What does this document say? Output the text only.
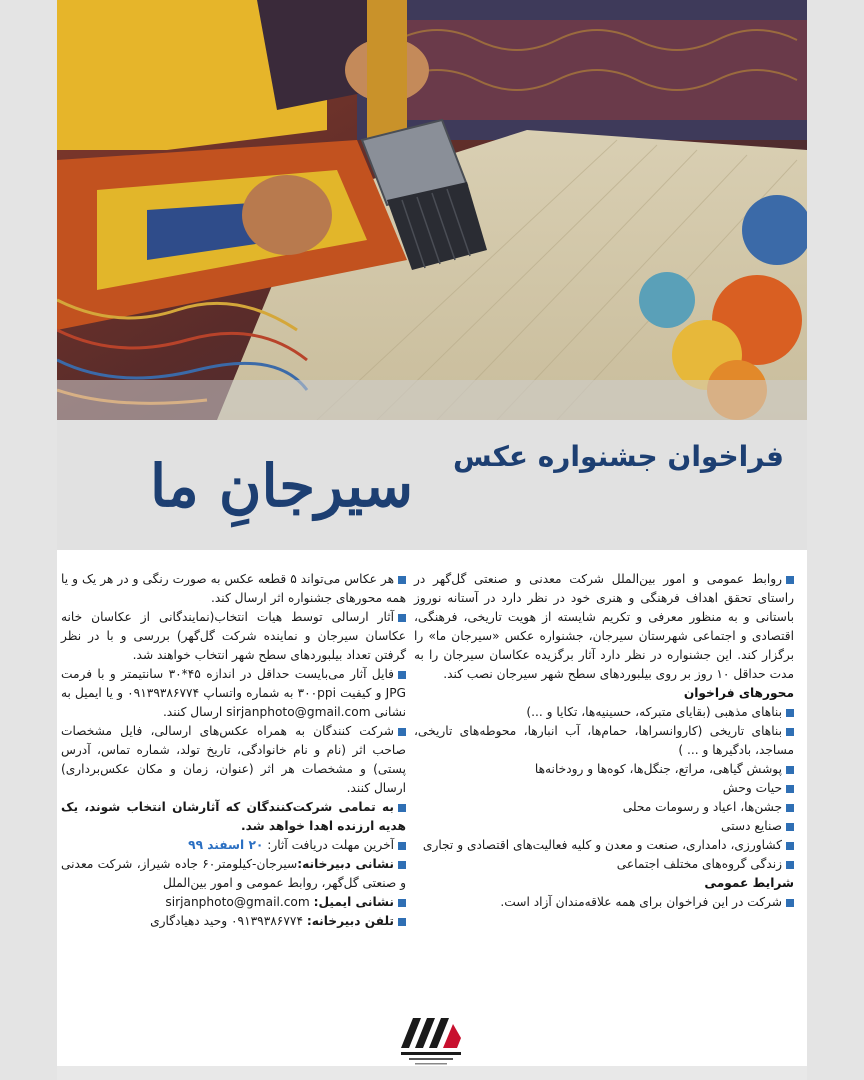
فراخوان جشنواره عکس
سیرجانِ ما
روابط عمومی و امور بین‌الملل شرکت معدنی و صنعتی گل‌گهر در راستای تحقق اهداف فرهنگی و هنری خود در نظر دارد در آستانه نوروز باستانی و به منظور معرفی و تکریم شایسته از هویت تاریخی، فرهنگی، اقتصادی و اجتماعی شهرستان سیرجان، جشنواره عکس «سیرجان ما» را برگزار کند. این جشنواره در نظر دارد آثار برگزیده عکاسان سیرجان را به مدت حداقل ۱۰ روز بر روی بیلبوردهای سطح شهر سیرجان نصب کند.
محورهای فراخوان
بناهای مذهبی (بقایای متبرکه، حسینیه‌ها، تکایا و ...)
بناهای تاریخی (کاروانسراها، حمام‌ها، آب انبارها، محوطه‌های تاریخی، مساجد، بادگیرها و ... )
پوشش گیاهی، مراتع، جنگل‌ها، کوه‌ها و رودخانه‌ها
حیات وحش
جشن‌ها، اعیاد و رسومات محلی
صنایع دستی
کشاورزی، دامداری، صنعت و معدن و کلیه فعالیت‌های اقتصادی و تجاری
زندگی گروه‌های مختلف اجتماعی
شرایط عمومی
شرکت در این فراخوان برای همه علاقه‌مندان آزاد است.
هر عکاس می‌تواند ۵ قطعه عکس به صورت رنگی و در هر یک و یا همه محورهای جشنواره اثر ارسال کند.
آثار ارسالی توسط هیات انتخاب(نمایندگانی از عکاسان خانه عکاسان سیرجان و نماینده شرکت گل‌گهر) بررسی و با در نظر گرفتن تعداد بیلبوردهای سطح شهر انتخاب خواهند شد.
فایل آثار می‌بایست حداقل در اندازه ۴۵*۳۰ سانتیمتر و با فرمت JPG و کیفیت ۳۰۰ppi به شماره واتساپ ۰۹۱۳۹۳۸۶۷۷۴ و یا ایمیل به نشانی sirjanphoto@gmail.com ارسال کنند.
شرکت کنندگان به همراه عکس‌های ارسالی، فایل مشخصات صاحب اثر (نام و نام خانوادگی، تاریخ تولد، شماره تماس، آدرس پستی) و مشخصات هر اثر (عنوان، زمان و مکان عکس‌برداری) ارسال کنند.
به تمامی شرکت‌کنندگان که آثارشان انتخاب شوند، یک هدیه ارزنده اهدا خواهد شد.
آخرین مهلت دریافت آثار: ۲۰ اسفند ۹۹
نشانی دبیرخانه:سیرجان-کیلومتر۶۰ جاده شیراز، شرکت معدنی و صنعتی گل‌گهر، روابط عمومی و امور بین‌الملل
نشانی ایمیل: sirjanphoto@gmail.com
تلفن دبیرخانه: ۰۹۱۳۹۳۸۶۷۷۴ وحید دهیادگاری
